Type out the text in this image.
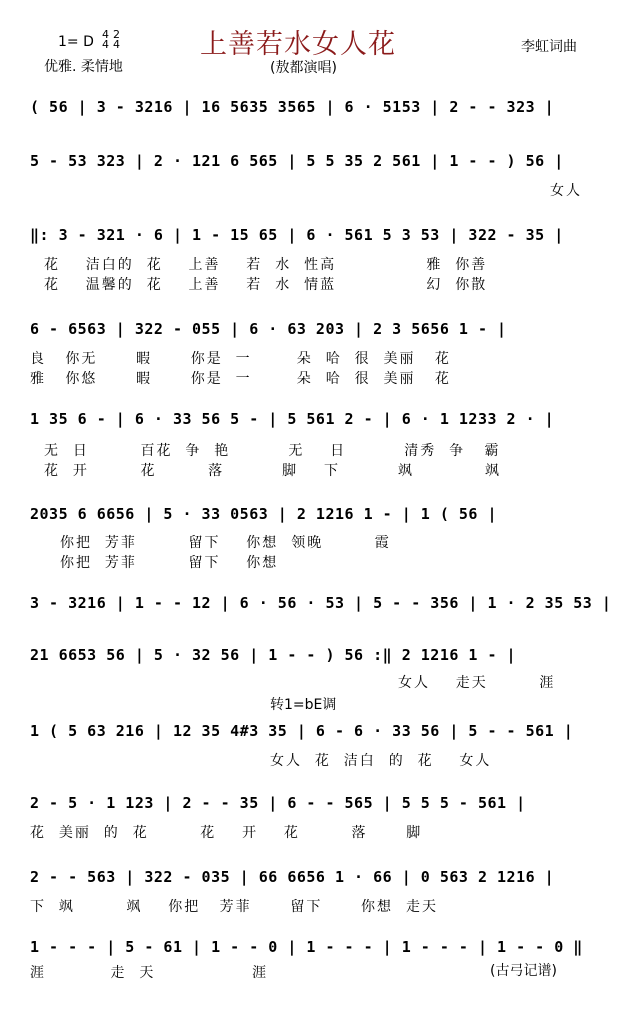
上善若水女人花
1= D 4 2
4 4
优雅. 柔情地
李虹词曲
(敖都演唱)
( 56 | 3 - 3216 | 16 5635 3565 | 6 · 5153 | 2 - - 323 |
5 - 53 323 | 2 · 121 6 565 | 5 5 35 2 561 | 1 - - ) 56 |
女人
‖: 3 - 321 · 6 | 1 - 15 65 | 6 · 561 5 3 53 | 322 - 35 |
花    洁白的  花    上善    若  水  性高              雅  你善
花    温馨的  花    上善    若  水  情蓝              幻  你散
6 - 6563 | 322 - 055 | 6 · 63 203 | 2 3 5656 1 - |
良   你无      暇      你是  一       朵  哈  很  美丽   花
雅   你悠      暇      你是  一       朵  哈  很  美丽   花
1 35 6 - | 6 · 33 56 5 - | 5 561 2 - | 6 · 1 1233 2 · |
无  日        百花  争  艳         无    日         清秀  争   霸
花  开        花        落         脚    下         飒           飒
2035 6 6656 | 5 · 33 0563 | 2 1216 1 - | 1 ( 56 |
你把  芳菲        留下    你想  领晚        霞
你把  芳菲        留下    你想
3 - 3216 | 1 - - 12 | 6 · 56 · 53 | 5 - - 356 | 1 · 2 35 53 |
21 6653 56 | 5 · 32 56 | 1 - - ) 56 :‖ 2 1216 1 - |
女人    走天        涯
转1=bE调
1 ( 5 63 216 | 12 35 4#3 35 | 6 - 6 · 33 56 | 5 - - 561 |
女人  花  洁白  的  花    女人
2 - 5 · 1 123 | 2 - - 35 | 6 - - 565 | 5 5 5 - 561 |
花  美丽  的  花        花    开    花        落      脚
2 - - 563 | 322 - 035 | 66 6656 1 · 66 | 0 563 2 1216 |
下  飒        飒    你把   芳菲      留下      你想  走天
1 - - - | 5 - 61 | 1 - - 0 | 1 - - - | 1 - - - | 1 - - 0 ‖
涯          走  天               涯	(古弓记谱)
